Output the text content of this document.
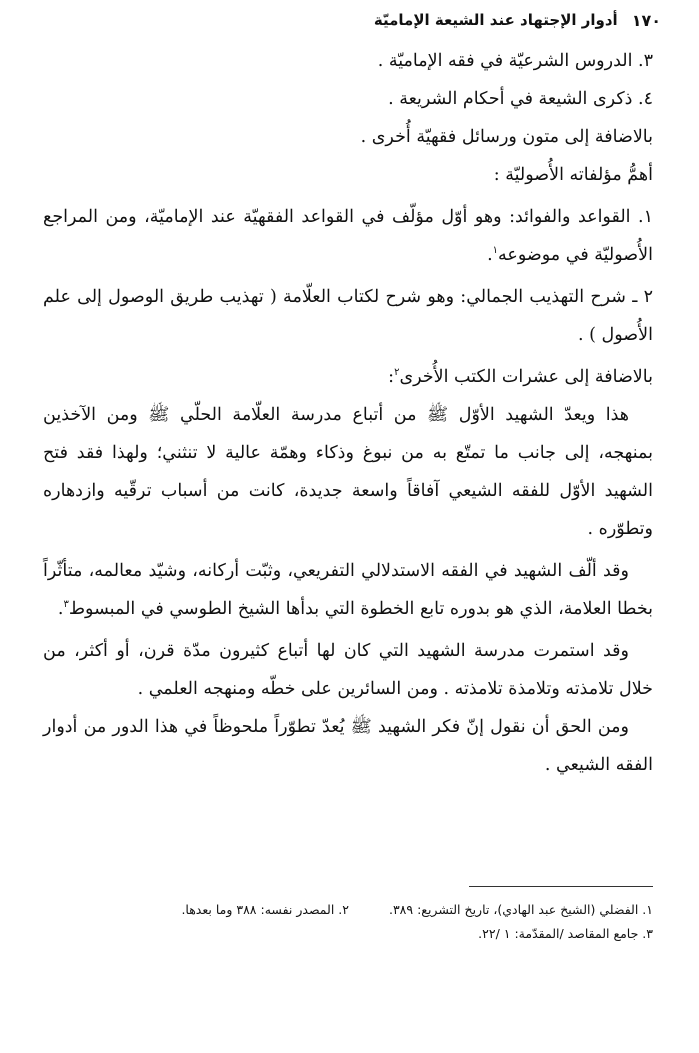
١٧٠
أدوار الإجتهاد عند الشيعة الإماميّة

٣. الدروس الشرعيّة في فقه الإماميّة .

٤. ذكرى الشيعة في أحكام الشريعة .

بالاضافة إلى متون ورسائل فقهيّة أُخرى .

أهمُّ مؤلفاته الأُصوليّة :

١. القواعد والفوائد: وهو أوّل مؤلّف في القواعد الفقهيّة عند الإماميّة، ومن المراجع الأُصوليّة في موضوعه$^١$.

٢ ـ شرح التهذيب الجمالي: وهو شرح لكتاب العلّامة ( تهذيب طريق الوصول إلى علم الأُصول ) .

بالاضافة إلى عشرات الكتب الأُخرى$^٢$:

هذا ويعدّ الشهيد الأوّل ﷺ من أتباع مدرسة العلّامة الحلّي ﷺ ومن الآخذين بمنهجه، إلى جانب ما تمتّع به من نبوغ وذكاء وهمّة عالية لا تنثني؛ ولهذا فقد فتح الشهيد الأوّل للفقه الشيعي آفاقاً واسعة جديدة، كانت من أسباب ترقّيه وازدهاره وتطوّره .

وقد ألّف الشهيد في الفقه الاستدلالي التفريعي، وثبّت أركانه، وشيّد معالمه، متأثّراً بخطا العلامة، الذي هو بدوره تابع الخطوة التي بدأها الشيخ الطوسي في المبسوط$^٣$.

وقد استمرت مدرسة الشهيد التي كان لها أتباع كثيرون مدّة قرن، أو أكثر، من خلال تلامذته وتلامذة تلامذته . ومن السائرين على خطّه ومنهجه العلمي .

ومن الحق أن نقول إنّ فكر الشهيد ﷺ يُعدّ تطوّراً ملحوظاً في هذا الدور من أدوار الفقه الشيعي .

١. الفضلي (الشيخ عبد الهادي)، تاريخ التشريع: ٣٨٩.
٢. المصدر نفسه: ٣٨٨ وما بعدها.
٣. جامع المقاصد /المقدّمة: ١ /٢٢.
